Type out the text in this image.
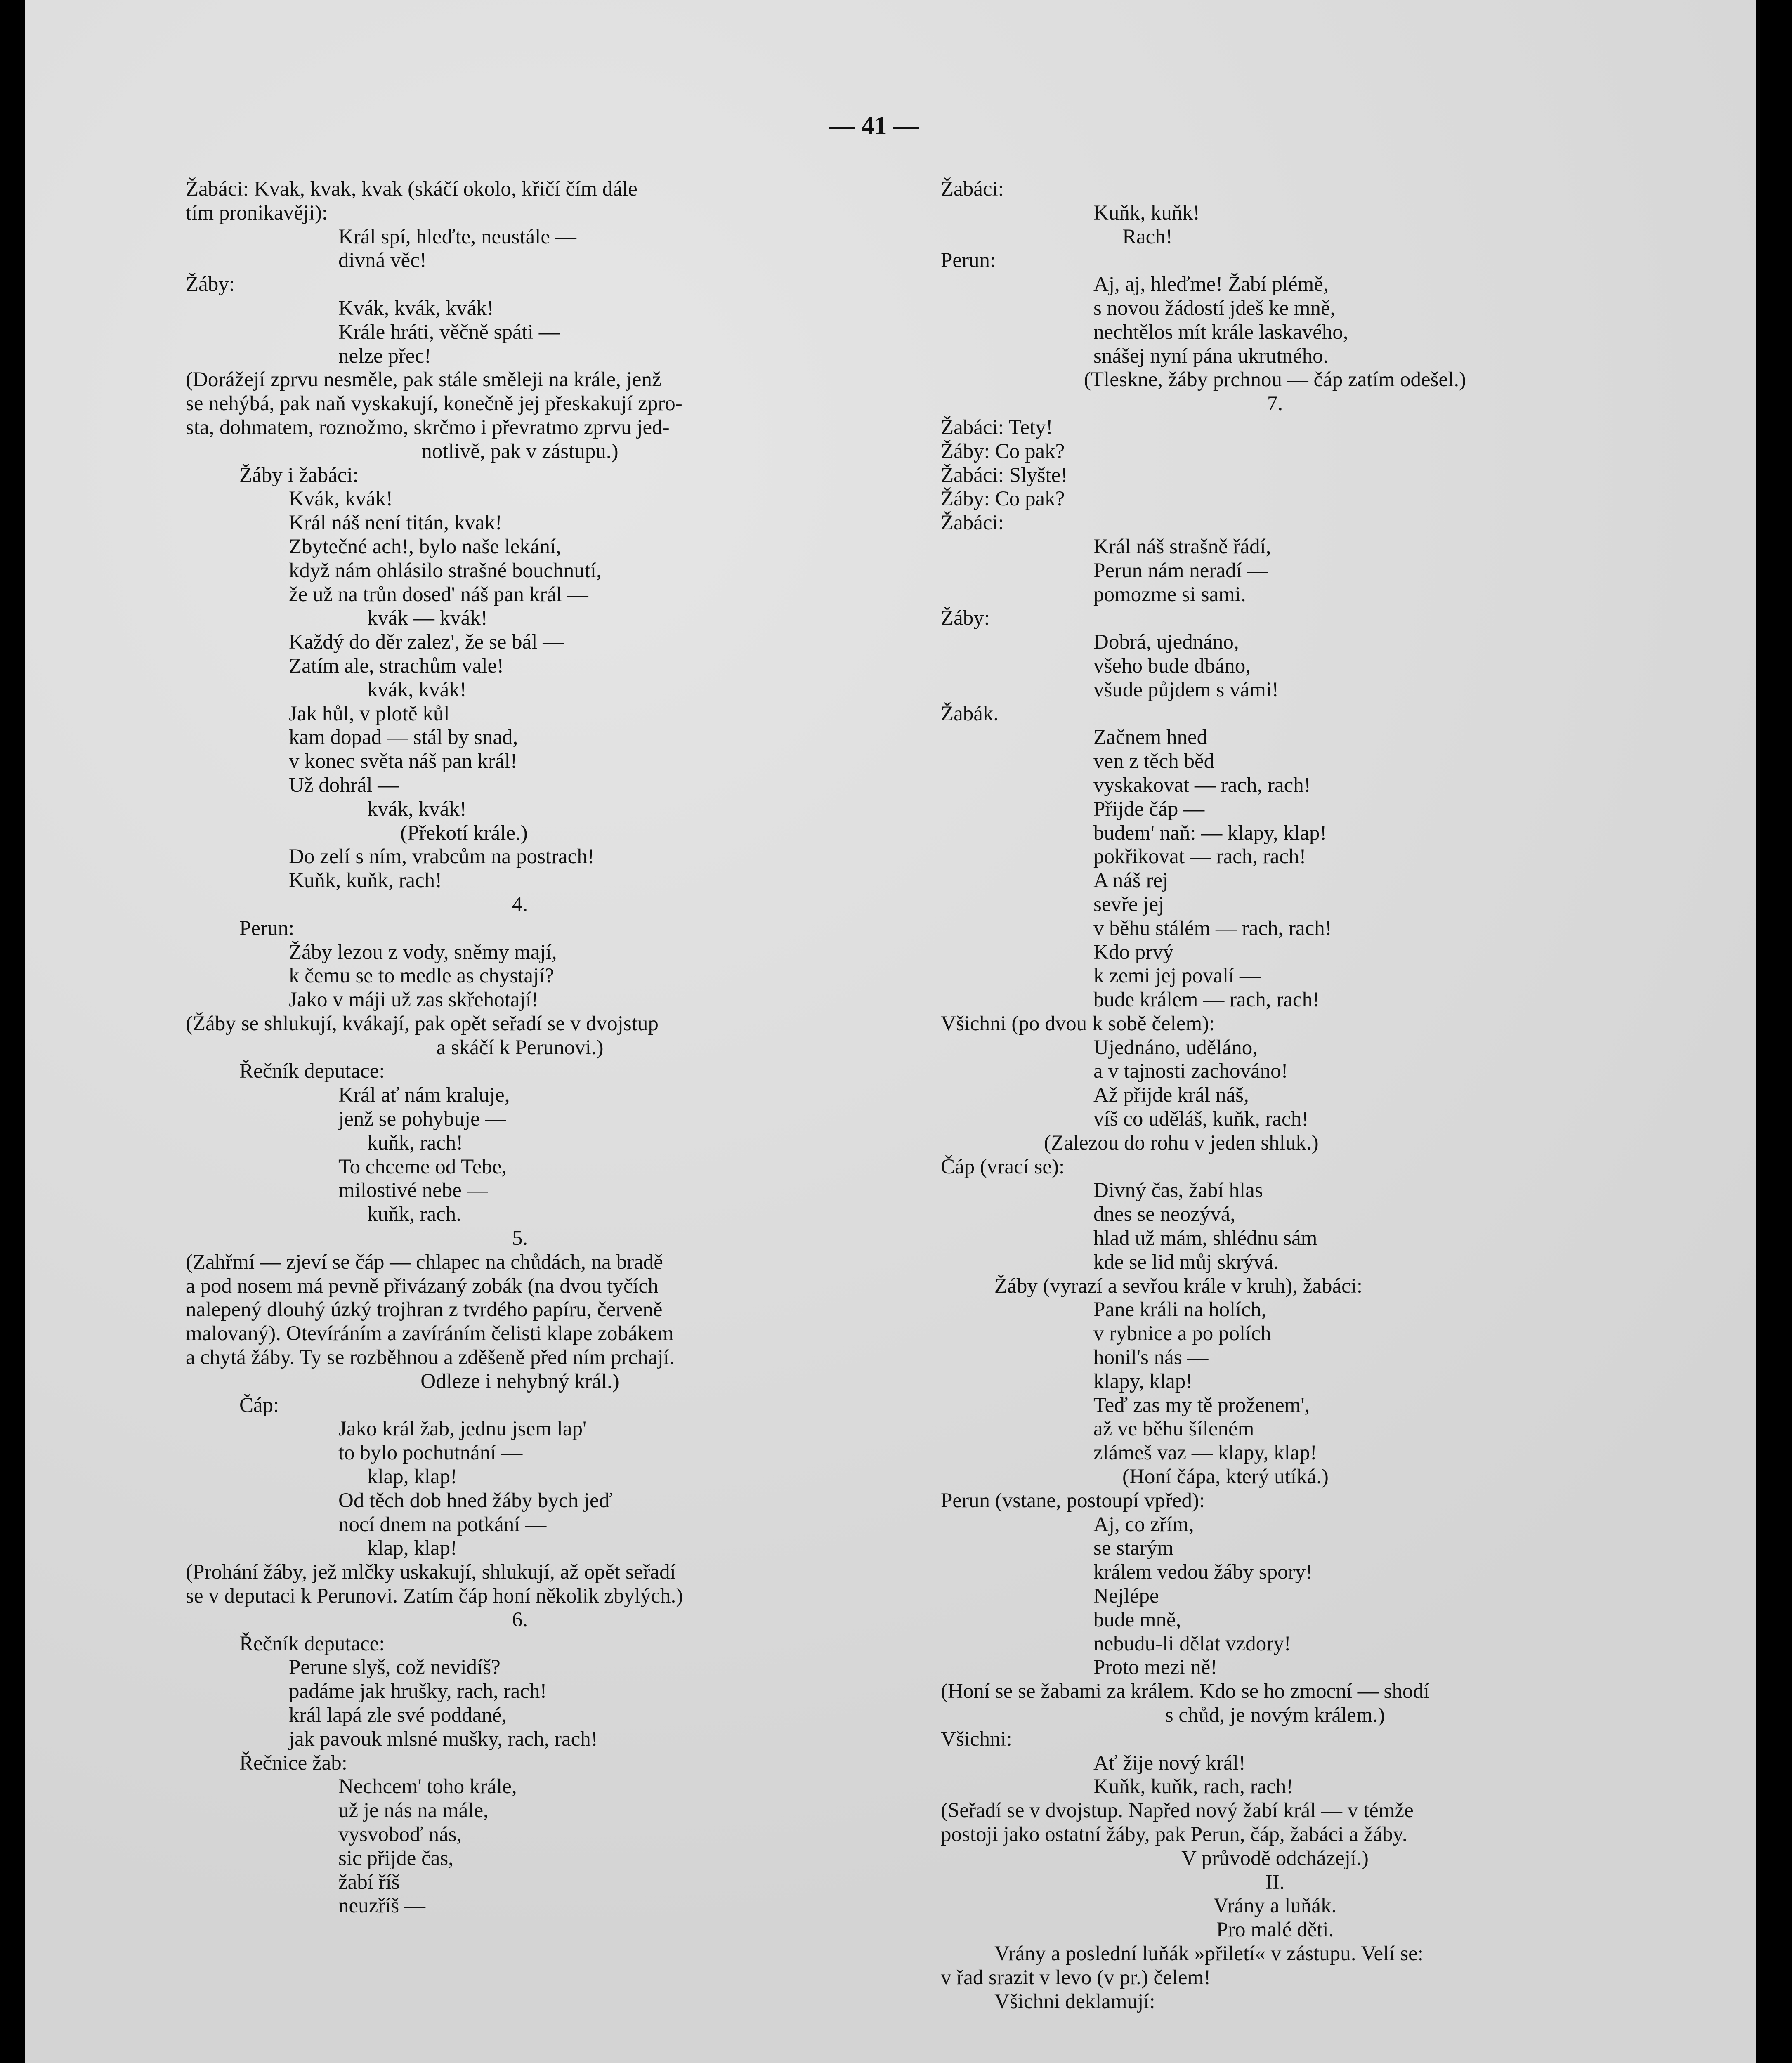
— 41 —
Žabáci: Kvak, kvak, kvak (skáčí okolo, křičí čím dále
tím pronikavěji):
Král spí, hleďte, neustále —
divná věc!
Žáby:
Kvák, kvák, kvák!
Krále hráti, věčně spáti —
nelze přec!
(Dorážejí zprvu nesměle, pak stále směleji na krále, jenž
se nehýbá, pak naň vyskakují, konečně jej přeskakují zpro-
sta, dohmatem, roznožmo, skrčmo i převratmo zprvu jed-
notlivě, pak v zástupu.)
Žáby i žabáci:
Kvák, kvák!
Král náš není titán, kvak!
Zbytečné ach!, bylo naše lekání,
když nám ohlásilo strašné bouchnutí,
že už na trůn dosed' náš pan král —
kvák — kvák!
Každý do děr zalez', že se bál —
Zatím ale, strachům vale!
kvák, kvák!
Jak hůl, v plotě kůl
kam dopad — stál by snad,
v konec světa náš pan král!
Už dohrál —
kvák, kvák!
(Překotí krále.)
Do zelí s ním, vrabcům na postrach!
Kuňk, kuňk, rach!
4.
Perun:
Žáby lezou z vody, sněmy mají,
k čemu se to medle as chystají?
Jako v máji už zas skřehotají!
(Žáby se shlukují, kvákají, pak opět seřadí se v dvojstup
a skáčí k Perunovi.)
Řečník deputace:
Král ať nám kraluje,
jenž se pohybuje —
kuňk, rach!
To chceme od Tebe,
milostivé nebe —
kuňk, rach.
5.
(Zahřmí — zjeví se čáp — chlapec na chůdách, na bradě
a pod nosem má pevně přivázaný zobák (na dvou tyčích
nalepený dlouhý úzký trojhran z tvrdého papíru, červeně
malovaný). Otevíráním a zavíráním čelisti klape zobákem
a chytá žáby. Ty se rozběhnou a zděšeně před ním prchají.
Odleze i nehybný král.)
Čáp:
Jako král žab, jednu jsem lap'
to bylo pochutnání —
klap, klap!
Od těch dob hned žáby bych jeď
nocí dnem na potkání —
klap, klap!
(Prohání žáby, jež mlčky uskakují, shlukují, až opět seřadí
se v deputaci k Perunovi. Zatím čáp honí několik zbylých.)
6.
Řečník deputace:
Perune slyš, což nevidíš?
padáme jak hrušky, rach, rach!
král lapá zle své poddané,
jak pavouk mlsné mušky, rach, rach!
Řečnice žab:
Nechcem' toho krále,
už je nás na mále,
vysvoboď nás,
sic přijde čas,
žabí říš
neuzříš —
Žabáci:
Kuňk, kuňk!
Rach!
Perun:
Aj, aj, hleďme! Žabí plémě,
s novou žádostí jdeš ke mně,
nechtělos mít krále laskavého,
snášej nyní pána ukrutného.
(Tleskne, žáby prchnou — čáp zatím odešel.)
7.
Žabáci: Tety!
Žáby: Co pak?
Žabáci: Slyšte!
Žáby: Co pak?
Žabáci:
Král náš strašně řádí,
Perun nám neradí —
pomozme si sami.
Žáby:
Dobrá, ujednáno,
všeho bude dbáno,
všude půjdem s vámi!
Žabák.
Začnem hned
ven z těch běd
vyskakovat — rach, rach!
Přijde čáp —
budem' naň: — klapy, klap!
pokřikovat — rach, rach!
A náš rej
sevře jej
v běhu stálém — rach, rach!
Kdo prvý
k zemi jej povalí —
bude králem — rach, rach!
Všichni (po dvou k sobě čelem):
Ujednáno, uděláno,
a v tajnosti zachováno!
Až přijde král náš,
víš co uděláš, kuňk, rach!
(Zalezou do rohu v jeden shluk.)
Čáp (vrací se):
Divný čas, žabí hlas
dnes se neozývá,
hlad už mám, shlédnu sám
kde se lid můj skrývá.
Žáby (vyrazí a sevřou krále v kruh), žabáci:
Pane králi na holích,
v rybnice a po polích
honil's nás —
klapy, klap!
Teď zas my tě proženem',
až ve běhu šíleném
zlámeš vaz — klapy, klap!
(Honí čápa, který utíká.)
Perun (vstane, postoupí vpřed):
Aj, co zřím,
se starým
králem vedou žáby spory!
Nejlépe
bude mně,
nebudu-li dělat vzdory!
Proto mezi ně!
(Honí se se žabami za králem. Kdo se ho zmocní — shodí
s chůd, je novým králem.)
Všichni:
Ať žije nový král!
Kuňk, kuňk, rach, rach!
(Seřadí se v dvojstup. Napřed nový žabí král — v témže
postoji jako ostatní žáby, pak Perun, čáp, žabáci a žáby.
V průvodě odcházejí.)
II.
Vrány a luňák.
Pro malé děti.
Vrány a poslední luňák »přiletí« v zástupu. Velí se:
v řad srazit v levo (v pr.) čelem!
Všichni deklamují:
